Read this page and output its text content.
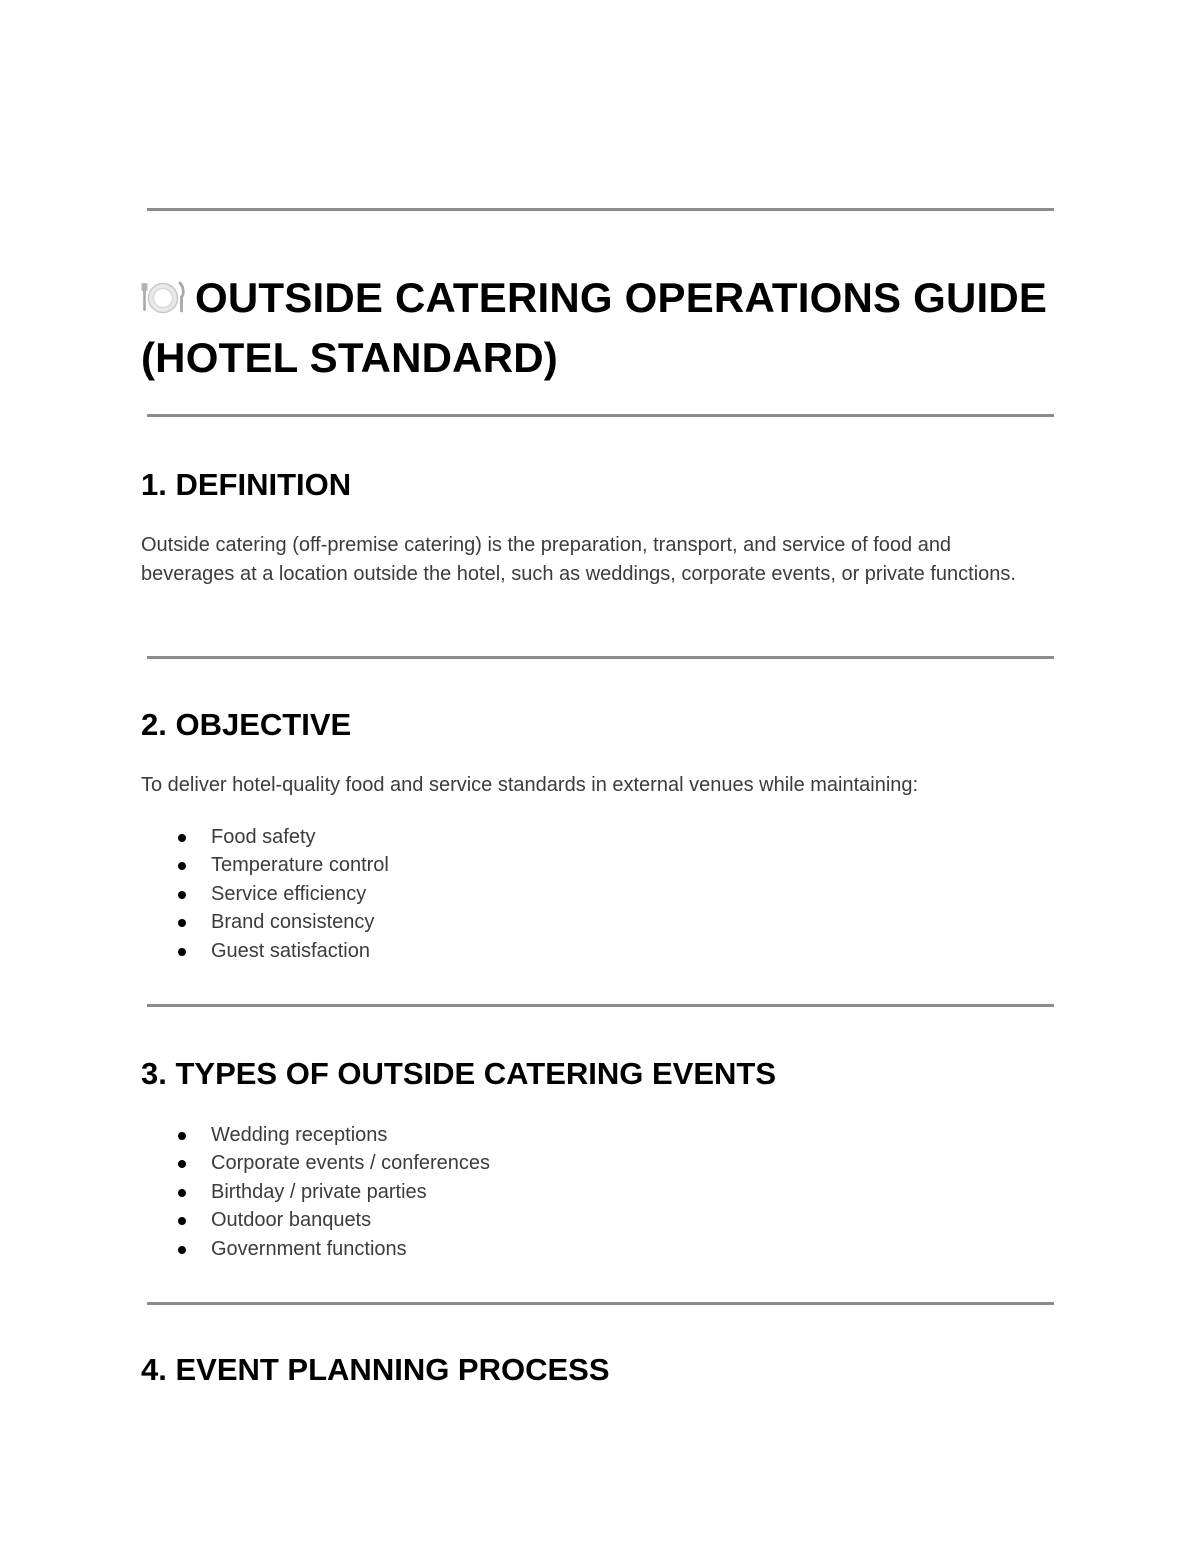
OUTSIDE CATERING OPERATIONS GUIDE (HOTEL STANDARD)
1. DEFINITION

Outside catering (off-premise catering) is the preparation, transport, and service of food and beverages at a location outside the hotel, such as weddings, corporate events, or private functions.

2. OBJECTIVE

To deliver hotel-quality food and service standards in external venues while maintaining:

Food safety
Temperature control
Service efficiency
Brand consistency
Guest satisfaction
3. TYPES OF OUTSIDE CATERING EVENTS
Wedding receptions
Corporate events / conferences
Birthday / private parties
Outdoor banquets
Government functions
4. EVENT PLANNING PROCESS
